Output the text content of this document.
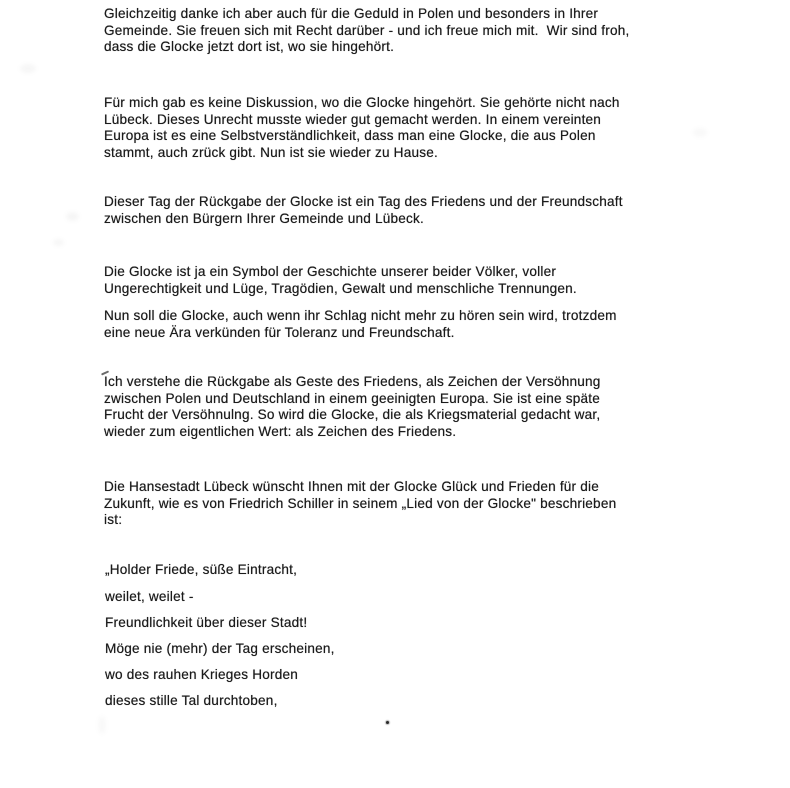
Gleichzeitig danke ich aber auch für die Geduld in Polen und besonders in Ihrer
Gemeinde. Sie freuen sich mit Recht darüber - und ich freue mich mit.  Wir sind froh,
dass die Glocke jetzt dort ist, wo sie hingehört.
Für mich gab es keine Diskussion, wo die Glocke hingehört. Sie gehörte nicht nach
Lübeck. Dieses Unrecht musste wieder gut gemacht werden. In einem vereinten
Europa ist es eine Selbstverständlichkeit, dass man eine Glocke, die aus Polen
stammt, auch zrück gibt. Nun ist sie wieder zu Hause.
Dieser Tag der Rückgabe der Glocke ist ein Tag des Friedens und der Freundschaft
zwischen den Bürgern Ihrer Gemeinde und Lübeck.
Die Glocke ist ja ein Symbol der Geschichte unserer beider Völker, voller
Ungerechtigkeit und Lüge, Tragödien, Gewalt und menschliche Trennungen.
Nun soll die Glocke, auch wenn ihr Schlag nicht mehr zu hören sein wird, trotzdem
eine neue Ära verkünden für Toleranz und Freundschaft.
Ich verstehe die Rückgabe als Geste des Friedens, als Zeichen der Versöhnung
zwischen Polen und Deutschland in einem geeinigten Europa. Sie ist eine späte
Frucht der Versöhnulng. So wird die Glocke, die als Kriegsmaterial gedacht war,
wieder zum eigentlichen Wert: als Zeichen des Friedens.
Die Hansestadt Lübeck wünscht Ihnen mit der Glocke Glück und Frieden für die
Zukunft, wie es von Friedrich Schiller in seinem „Lied von der Glocke" beschrieben
ist:
„Holder Friede, süße Eintracht,
weilet, weilet -
Freundlichkeit über dieser Stadt!
Möge nie (mehr) der Tag erscheinen,
wo des rauhen Krieges Horden
dieses stille Tal durchtoben,
